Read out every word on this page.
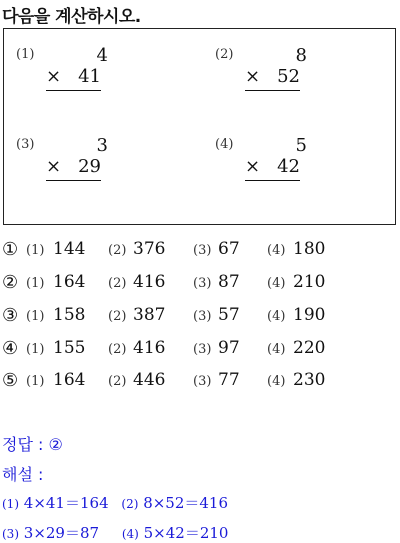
다음을 계산하시오.
(1)	4
× 41
(2)	8
× 52
(3)	3
× 29
(4)	5
× 42
① (1) 144 (2) 376 (3) 67 (4) 180
② (1) 164 (2) 416 (3) 87 (4) 210
③ (1) 158 (2) 387 (3) 57 (4) 190
④ (1) 155 (2) 416 (3) 97 (4) 220
⑤ (1) 164 (2) 446 (3) 77 (4) 230
정답 : ②
해설 :
(1) 4×41＝164 (2) 8×52＝416
(3) 3×29＝87 (4) 5×42＝210
